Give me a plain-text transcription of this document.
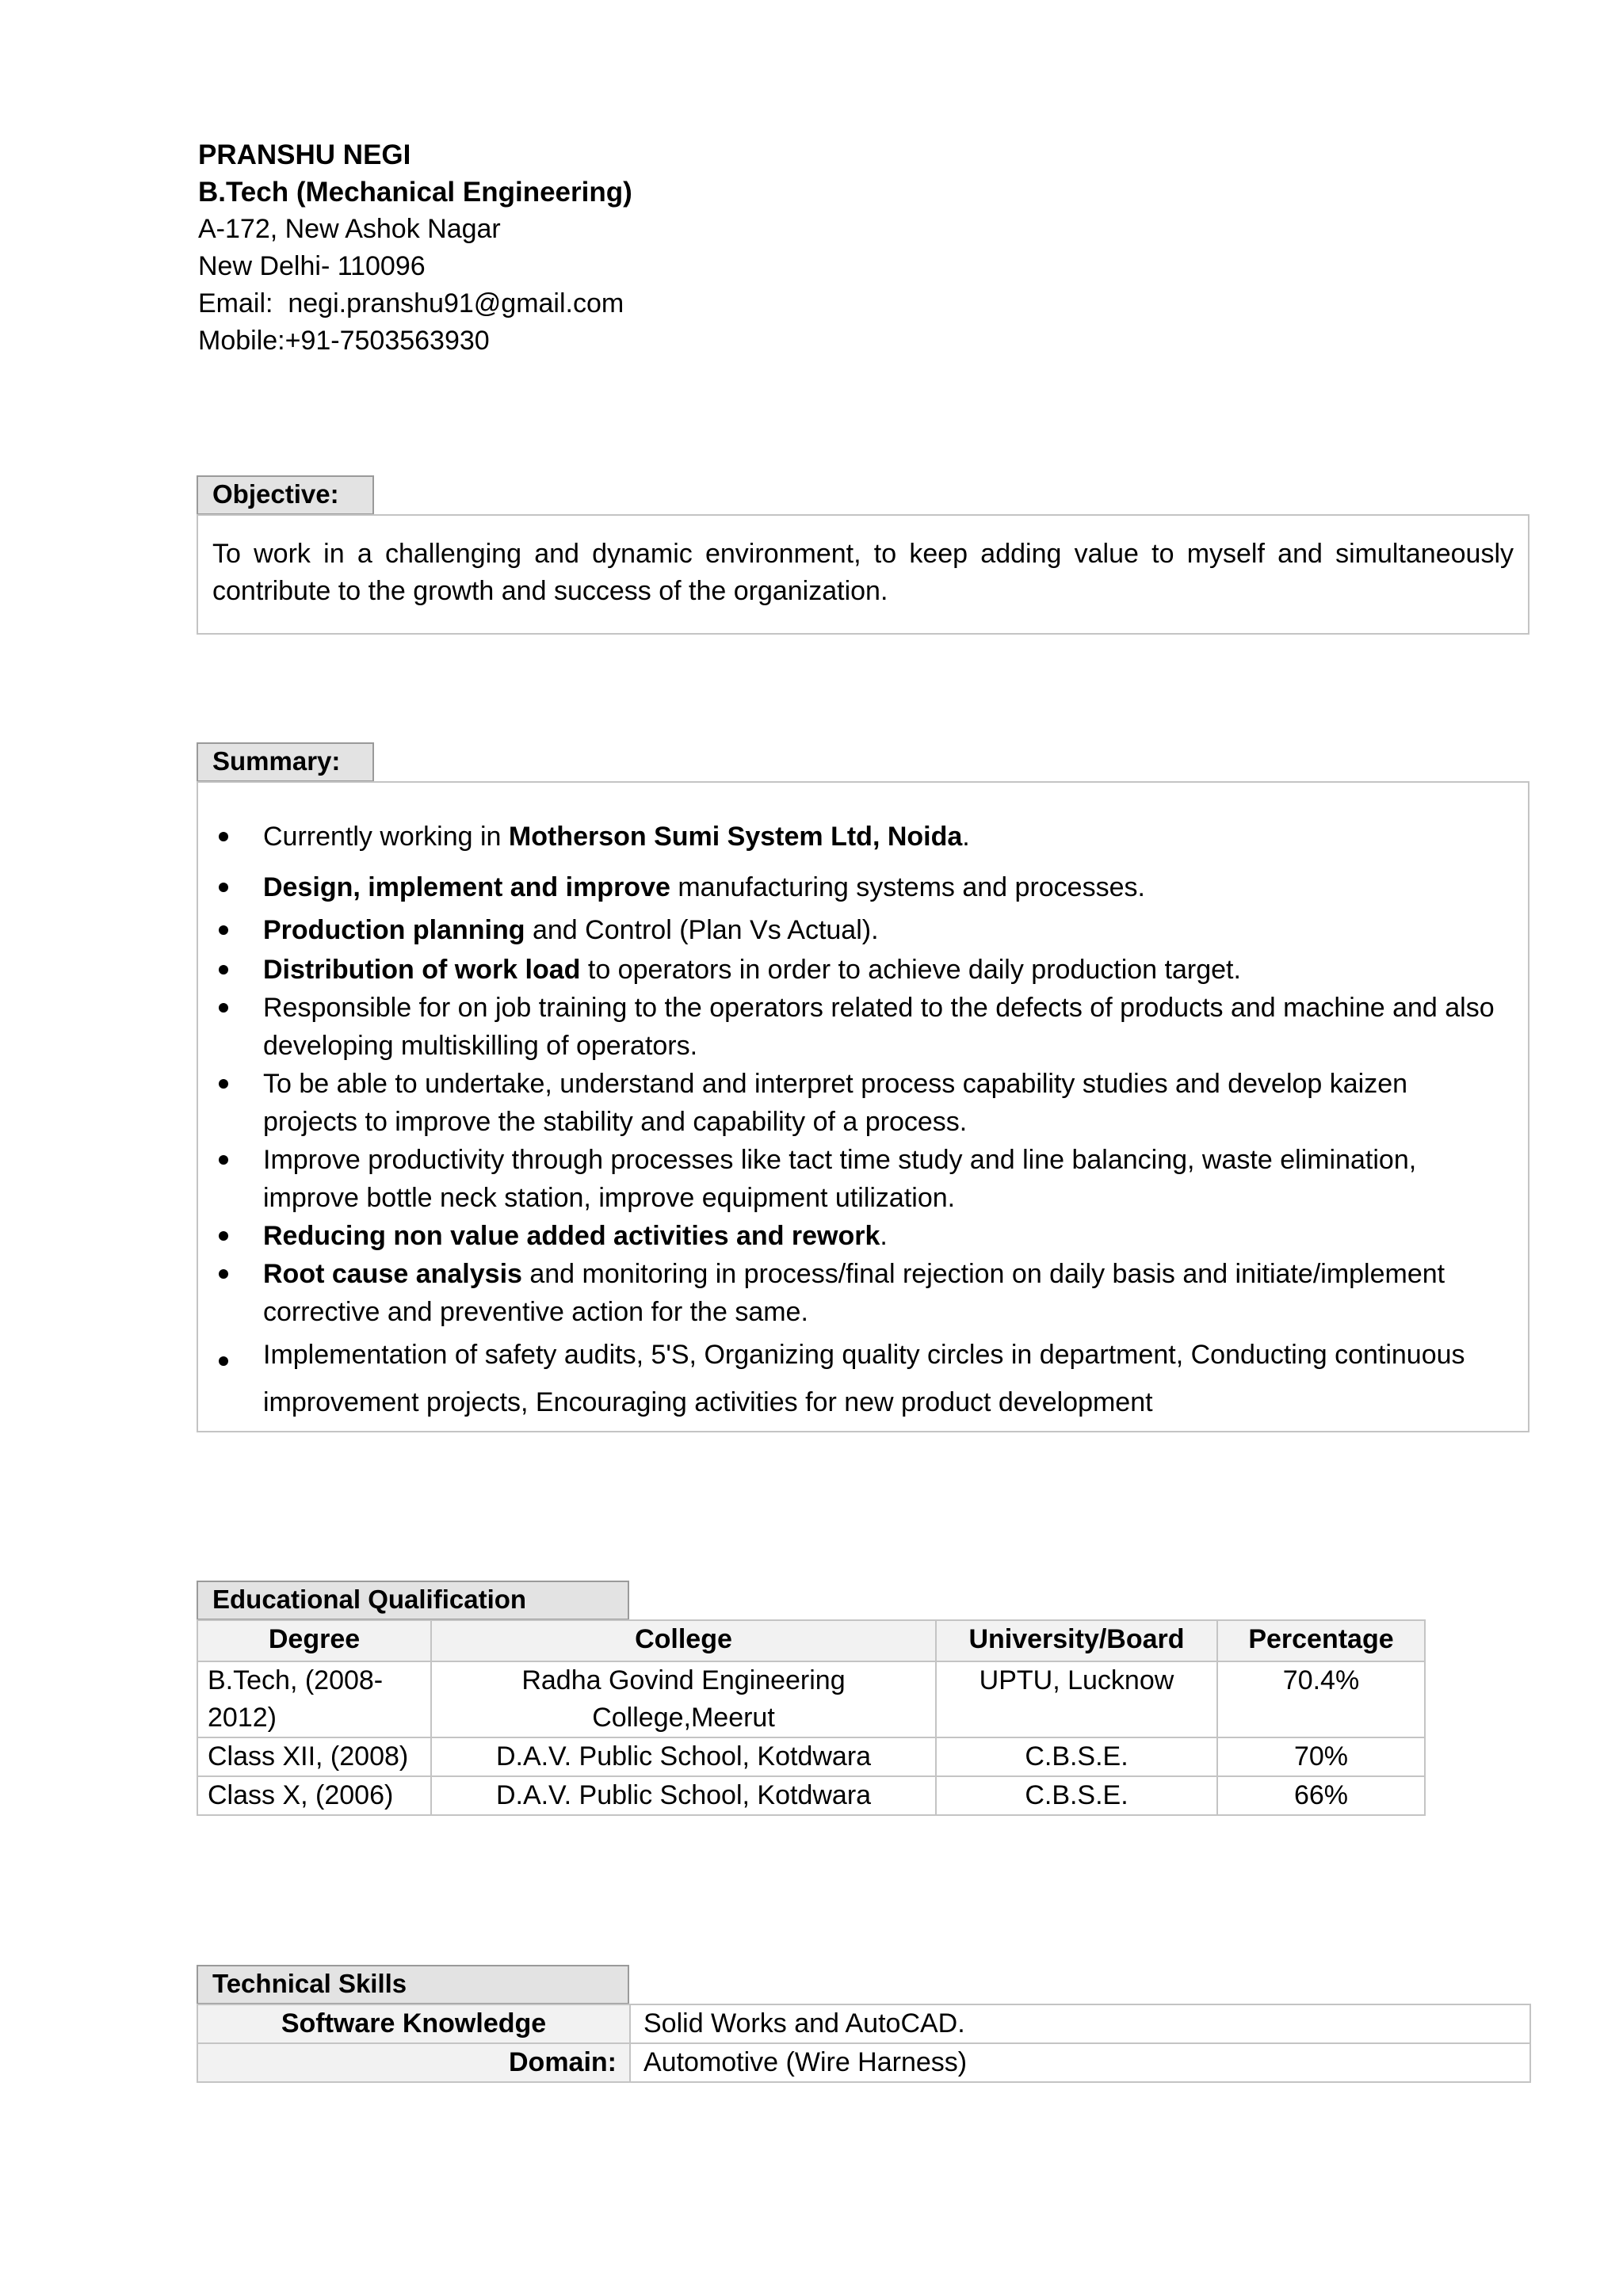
PRANSHU NEGI
B.Tech (Mechanical Engineering)
A-172, New Ashok Nagar
New Delhi- 110096
Email:  negi.pranshu91@gmail.com
Mobile:+91-7503563930
Objective:
To work in a challenging and dynamic environment, to keep adding value to myself and simultaneously contribute to the growth and success of the organization.
Summary:
Currently working in Motherson Sumi System Ltd, Noida.
Design, implement and improve manufacturing systems and processes.
Production planning and Control (Plan Vs Actual).
Distribution of work load to operators in order to achieve daily production target.
Responsible for on job training to the operators related to the defects of products and machine and also developing multiskilling of operators.
To be able to undertake, understand and interpret process capability studies and develop kaizen projects to improve the stability and capability of a process.
Improve productivity through processes like tact time study and line balancing, waste elimination, improve bottle neck station, improve equipment utilization.
Reducing non value added activities and rework.
Root cause analysis and monitoring in process/final rejection on daily basis and initiate/implement corrective and preventive action for the same.
Implementation of safety audits, 5'S, Organizing quality circles in department, Conducting continuous improvement projects, Encouraging activities for new product development
Educational Qualification
Degree	College	University/Board	Percentage
B.Tech, (2008-2012)	Radha Govind Engineering College,Meerut	UPTU, Lucknow	70.4%
Class XII, (2008)	D.A.V. Public School, Kotdwara	C.B.S.E.	70%
Class X, (2006)	D.A.V. Public School, Kotdwara	C.B.S.E.	66%
Technical Skills
Software Knowledge	Solid Works and AutoCAD.
Domain:	Automotive (Wire Harness)
